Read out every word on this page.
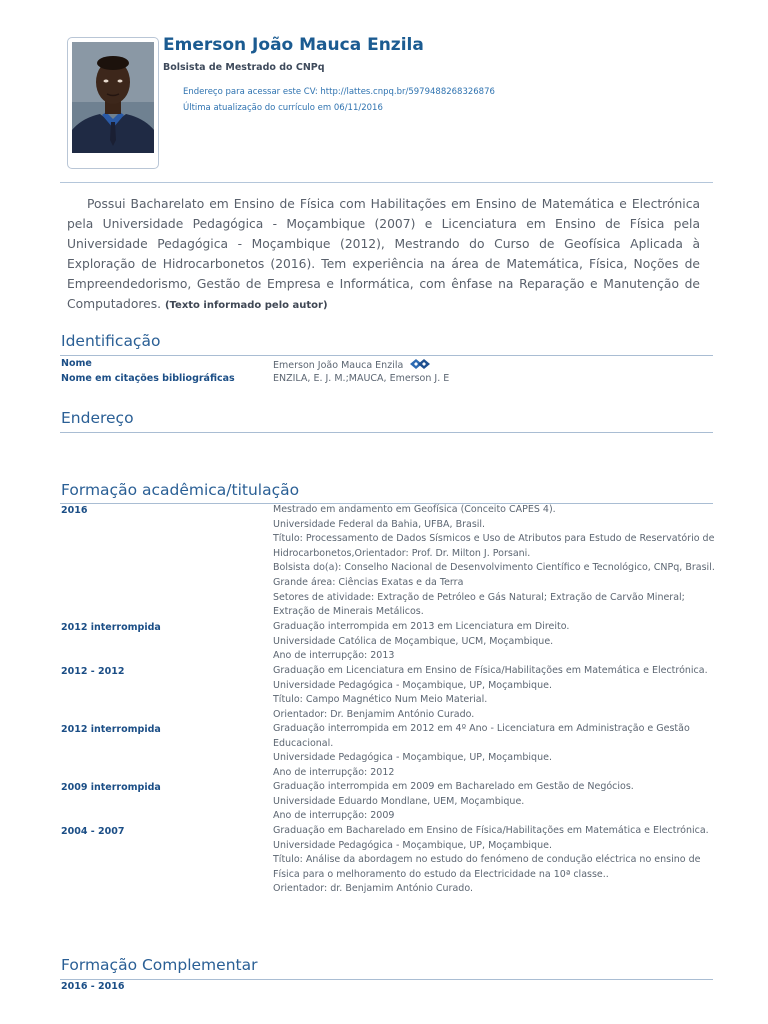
Emerson João Mauca Enzila
Bolsista de Mestrado do CNPq
Endereço para acessar este CV: http://lattes.cnpq.br/5979488268326876
Última atualização do currículo em 06/11/2016
Possui Bacharelato em Ensino de Física com Habilitações em Ensino de Matemática e Electrónica pela Universidade Pedagógica - Moçambique (2007) e Licenciatura em Ensino de Física pela Universidade Pedagógica - Moçambique (2012), Mestrando do Curso de Geofísica Aplicada à Exploração de Hidrocarbonetos (2016). Tem experiência na área de Matemática, Física, Noções de Empreendedorismo, Gestão de Empresa e Informática, com ênfase na Reparação e Manutenção de Computadores. (Texto informado pelo autor)
Identificação
Nome	Emerson João Mauca Enzila
Nome em citações bibliográficas	ENZILA, E. J. M.;MAUCA, Emerson J. E
Endereço
Formação acadêmica/titulação
2016	Mestrado em andamento em Geofísica (Conceito CAPES 4).
Universidade Federal da Bahia, UFBA, Brasil.
Título: Processamento de Dados Sísmicos e Uso de Atributos para Estudo de Reservatório de
Hidrocarbonetos,Orientador: Prof. Dr. Milton J. Porsani.
Bolsista do(a): Conselho Nacional de Desenvolvimento Científico e Tecnológico, CNPq, Brasil.
Grande área: Ciências Exatas e da Terra
Setores de atividade: Extração de Petróleo e Gás Natural; Extração de Carvão Mineral;
Extração de Minerais Metálicos.
2012 interrompida	Graduação interrompida em 2013 em Licenciatura em Direito.
Universidade Católica de Moçambique, UCM, Moçambique.
Ano de interrupção: 2013
2012 - 2012	Graduação em Licenciatura em Ensino de Física/Habilitações em Matemática e Electrónica.
Universidade Pedagógica - Moçambique, UP, Moçambique.
Título: Campo Magnético Num Meio Material.
Orientador: Dr. Benjamim António Curado.
2012 interrompida	Graduação interrompida em 2012 em 4º Ano - Licenciatura em Administração e Gestão
Educacional.
Universidade Pedagógica - Moçambique, UP, Moçambique.
Ano de interrupção: 2012
2009 interrompida	Graduação interrompida em 2009 em Bacharelado em Gestão de Negócios.
Universidade Eduardo Mondlane, UEM, Moçambique.
Ano de interrupção: 2009
2004 - 2007	Graduação em Bacharelado em Ensino de Física/Habilitações em Matemática e Electrónica.
Universidade Pedagógica - Moçambique, UP, Moçambique.
Título: Análise da abordagem no estudo do fenómeno de condução eléctrica no ensino de
Física para o melhoramento do estudo da Electricidade na 10ª classe..
Orientador: dr. Benjamim António Curado.
Formação Complementar
2016 - 2016
